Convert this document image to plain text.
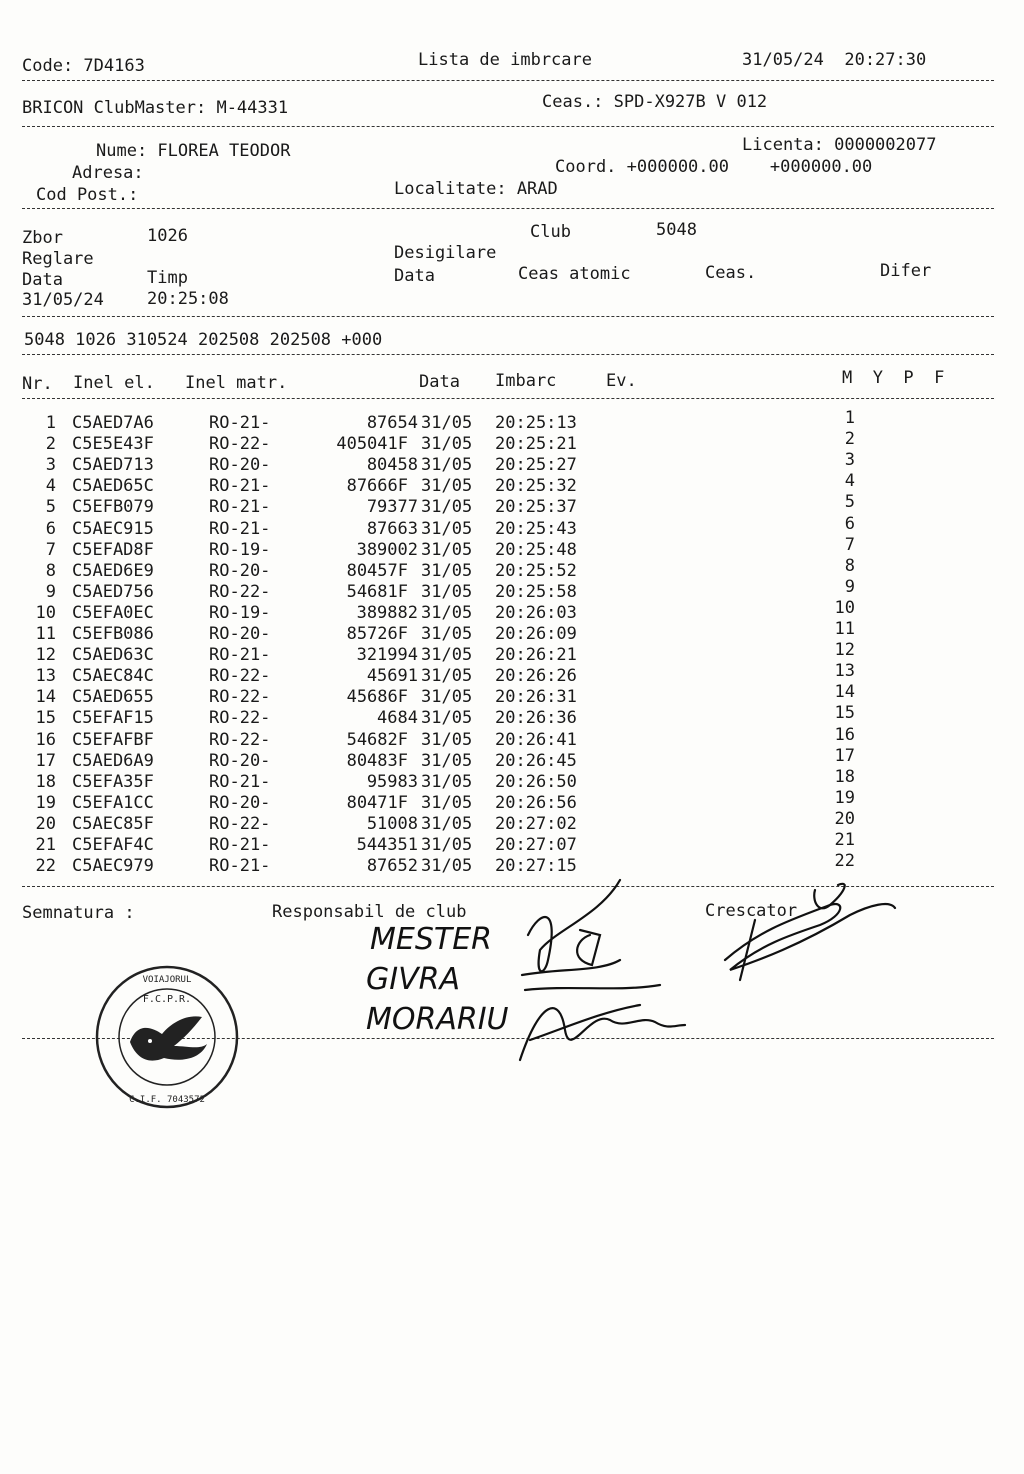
Code: 7D4163	Lista de imbrcare	31/05/24  20:27:30
BRICON ClubMaster: M-44331	Ceas.: SPD-X927B V 012
Nume: FLOREA TEODOR	Licenta: 0000002077
Adresa:	Coord. +000000.00    +000000.00
Cod Post.:	Localitate: ARAD
Zbor	1026	Club	5048
Reglare	Desigilare
Data	Timp	Data	Ceas atomic	Ceas.	Difer
31/05/24	20:25:08
5048 1026 310524 202508 202508 +000
Nr. Inel el. Inel matr.	Data Imbarc	Ev.	M  Y  P  F
1 C5AED7A6	RO-21-	87654 31/05 20:25:13	1
2 C5E5E43F	RO-22-	405041F 31/05 20:25:21	2
3 C5AED713	RO-20-	80458 31/05 20:25:27	3
4 C5AED65C	RO-21-	87666F 31/05 20:25:32	4
5 C5EFB079	RO-21-	79377 31/05 20:25:37	5
6 C5AEC915	RO-21-	87663 31/05 20:25:43	6
7 C5EFAD8F	RO-19-	389002 31/05 20:25:48	7
8 C5AED6E9	RO-20-	80457F 31/05 20:25:52	8
9 C5AED756	RO-22-	54681F 31/05 20:25:58	9
10 C5EFA0EC	RO-19-	389882 31/05 20:26:03	10
11 C5EFB086	RO-20-	85726F 31/05 20:26:09	11
12 C5AED63C	RO-21-	321994 31/05 20:26:21	12
13 C5AEC84C	RO-22-	45691 31/05 20:26:26	13
14 C5AED655	RO-22-	45686F 31/05 20:26:31	14
15 C5EFAF15	RO-22-	4684 31/05 20:26:36	15
16 C5EFAFBF	RO-22-	54682F 31/05 20:26:41	16
17 C5AED6A9	RO-20-	80483F 31/05 20:26:45	17
18 C5EFA35F	RO-21-	95983 31/05 20:26:50	18
19 C5EFA1CC	RO-20-	80471F 31/05 20:26:56	19
20 C5AEC85F	RO-22-	51008 31/05 20:27:02	20
21 C5EFAF4C	RO-21-	544351 31/05 20:27:07	21
22 C5AEC979	RO-21-	87652 31/05 20:27:15	22
Semnatura :	Responsabil de club	Crescator
MESTER
GIVRA
MORARIU
VOIAJORUL
F.C.P.R.
C.I.F. 7043572
